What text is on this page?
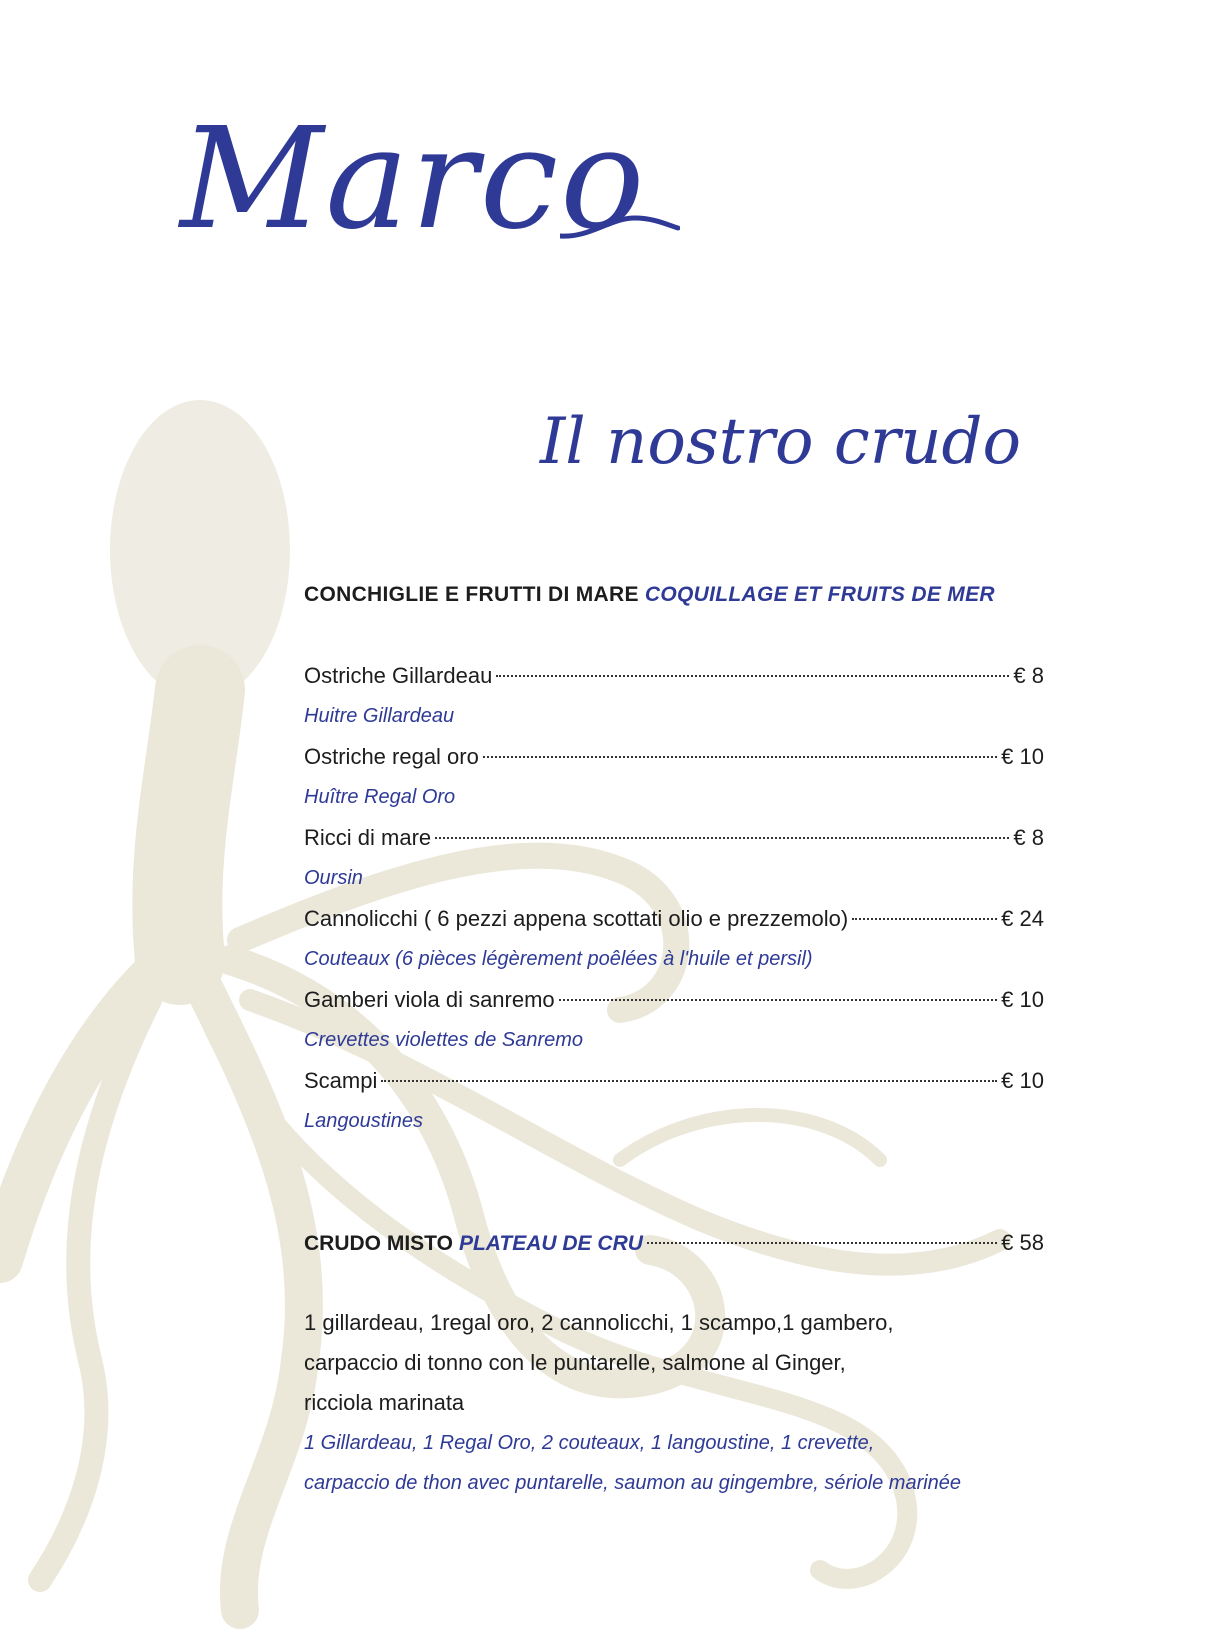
Marco
Il nostro crudo
CONCHIGLIE E FRUTTI DI MARE COQUILLAGE ET FRUITS DE MER
Ostriche Gillardeau	€ 8
Huitre Gillardeau
Ostriche regal oro	€ 10
Huître Regal Oro
Ricci di mare	€ 8
Oursin
Cannolicchi ( 6 pezzi appena scottati olio e prezzemolo)	€ 24
Couteaux (6 pièces légèrement poêlées à l'huile et persil)
Gamberi viola di sanremo	€ 10
Crevettes violettes de Sanremo
Scampi	€ 10
Langoustines
CRUDO MISTO PLATEAU DE CRU	€ 58
1 gillardeau, 1regal oro, 2 cannolicchi, 1 scampo,1 gambero,
carpaccio di tonno con le puntarelle, salmone al Ginger,
ricciola marinata
1 Gillardeau, 1 Regal Oro, 2 couteaux, 1 langoustine, 1 crevette,
carpaccio de thon avec puntarelle, saumon au gingembre, sériole marinée
